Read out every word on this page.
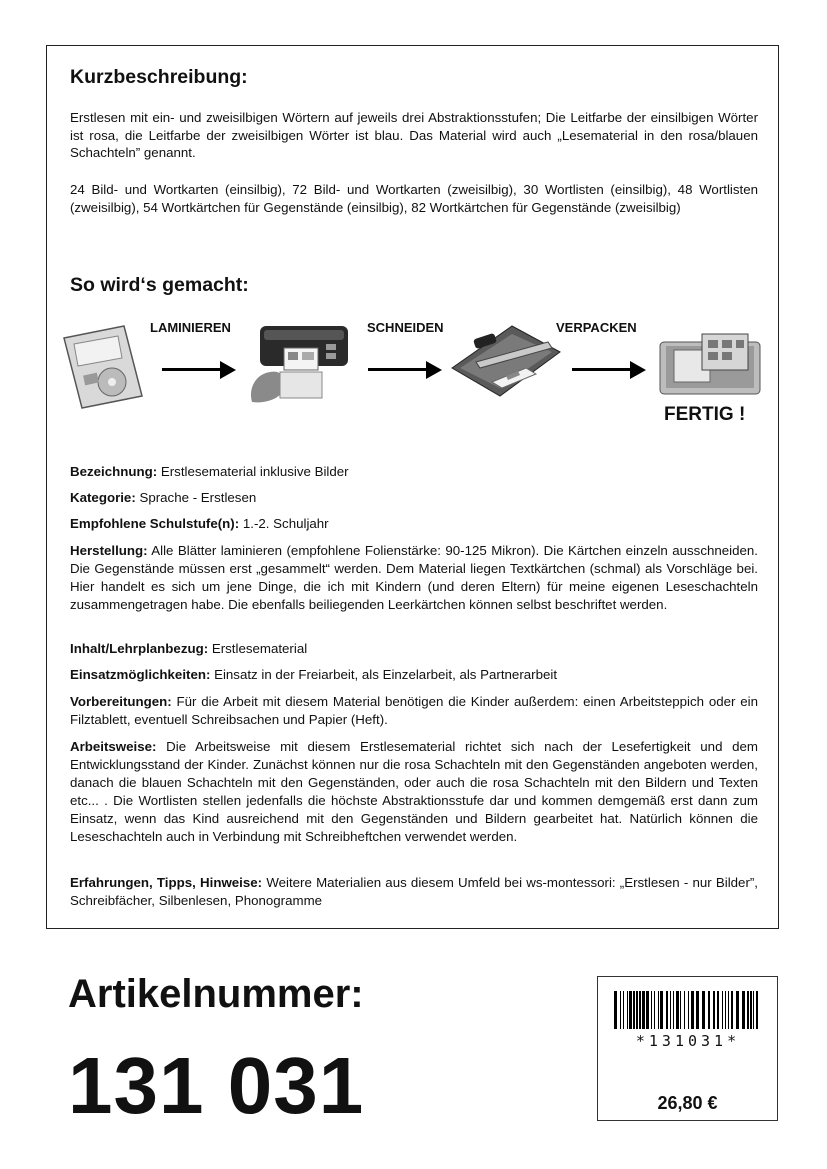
Kurzbeschreibung:

Erstlesen mit ein- und zweisilbigen Wörtern auf jeweils drei Abstraktionsstufen; Die Leitfarbe der einsilbigen Wörter ist rosa, die Leitfarbe der zweisilbigen Wörter ist blau. Das Material wird auch „Lesematerial in den rosa/blauen Schachteln” genannt.

24 Bild- und Wortkarten (einsilbig), 72 Bild- und Wortkarten (zweisilbig), 30 Wortlisten (einsilbig), 48 Wortlisten (zweisilbig), 54 Wortkärtchen für Gegenstände (einsilbig), 82 Wortkärtchen für Gegenstände (zweisilbig)

So wird‘s gemacht:
LAMINIEREN	SCHNEIDEN	VERPACKEN
FERTIG !

Bezeichnung: Erstlesematerial inklusive Bilder

Kategorie: Sprache - Erstlesen

Empfohlene Schulstufe(n): 1.-2. Schuljahr

Herstellung: Alle Blätter laminieren (empfohlene Folienstärke: 90-125 Mikron). Die Kärtchen einzeln ausschneiden. Die Gegenstände müssen erst „gesammelt“ werden. Dem Material liegen Textkärtchen (schmal) als Vorschläge bei. Hier handelt es sich um jene Dinge, die ich mit Kindern (und deren Eltern) für meine eigenen Leseschachteln zusammengetragen habe. Die ebenfalls beiliegenden Leerkärtchen können selbst beschriftet werden.

Inhalt/Lehrplanbezug: Erstlesematerial

Einsatzmöglichkeiten: Einsatz in der Freiarbeit, als Einzelarbeit, als Partnerarbeit

Vorbereitungen: Für die Arbeit mit diesem Material benötigen die Kinder außerdem: einen Arbeitsteppich oder ein Filztablett, eventuell Schreibsachen und Papier (Heft).

Arbeitsweise: Die Arbeitsweise mit diesem Erstlesematerial richtet sich nach der Lesefertigkeit und dem Entwicklungsstand der Kinder. Zunächst können nur die rosa Schachteln mit den Gegenständen angeboten werden, danach die blauen Schachteln mit den Gegenständen, oder auch die rosa Schachteln mit den Bildern und Texten etc... . Die Wortlisten stellen jedenfalls die höchste Abstraktionsstufe dar und kommen demgemäß erst dann zum Einsatz, wenn das Kind ausreichend mit den Gegenständen und Bildern gearbeitet hat. Natürlich können die Leseschachteln auch in Verbindung mit Schreibheftchen verwendet werden.

Erfahrungen, Tipps, Hinweise: Weitere Materialien aus diesem Umfeld bei ws-montessori: „Erstlesen - nur Bilder”, Schreibfächer, Silbenlesen, Phonogramme

Artikelnummer:
131 031	*131031*
26,80 €
